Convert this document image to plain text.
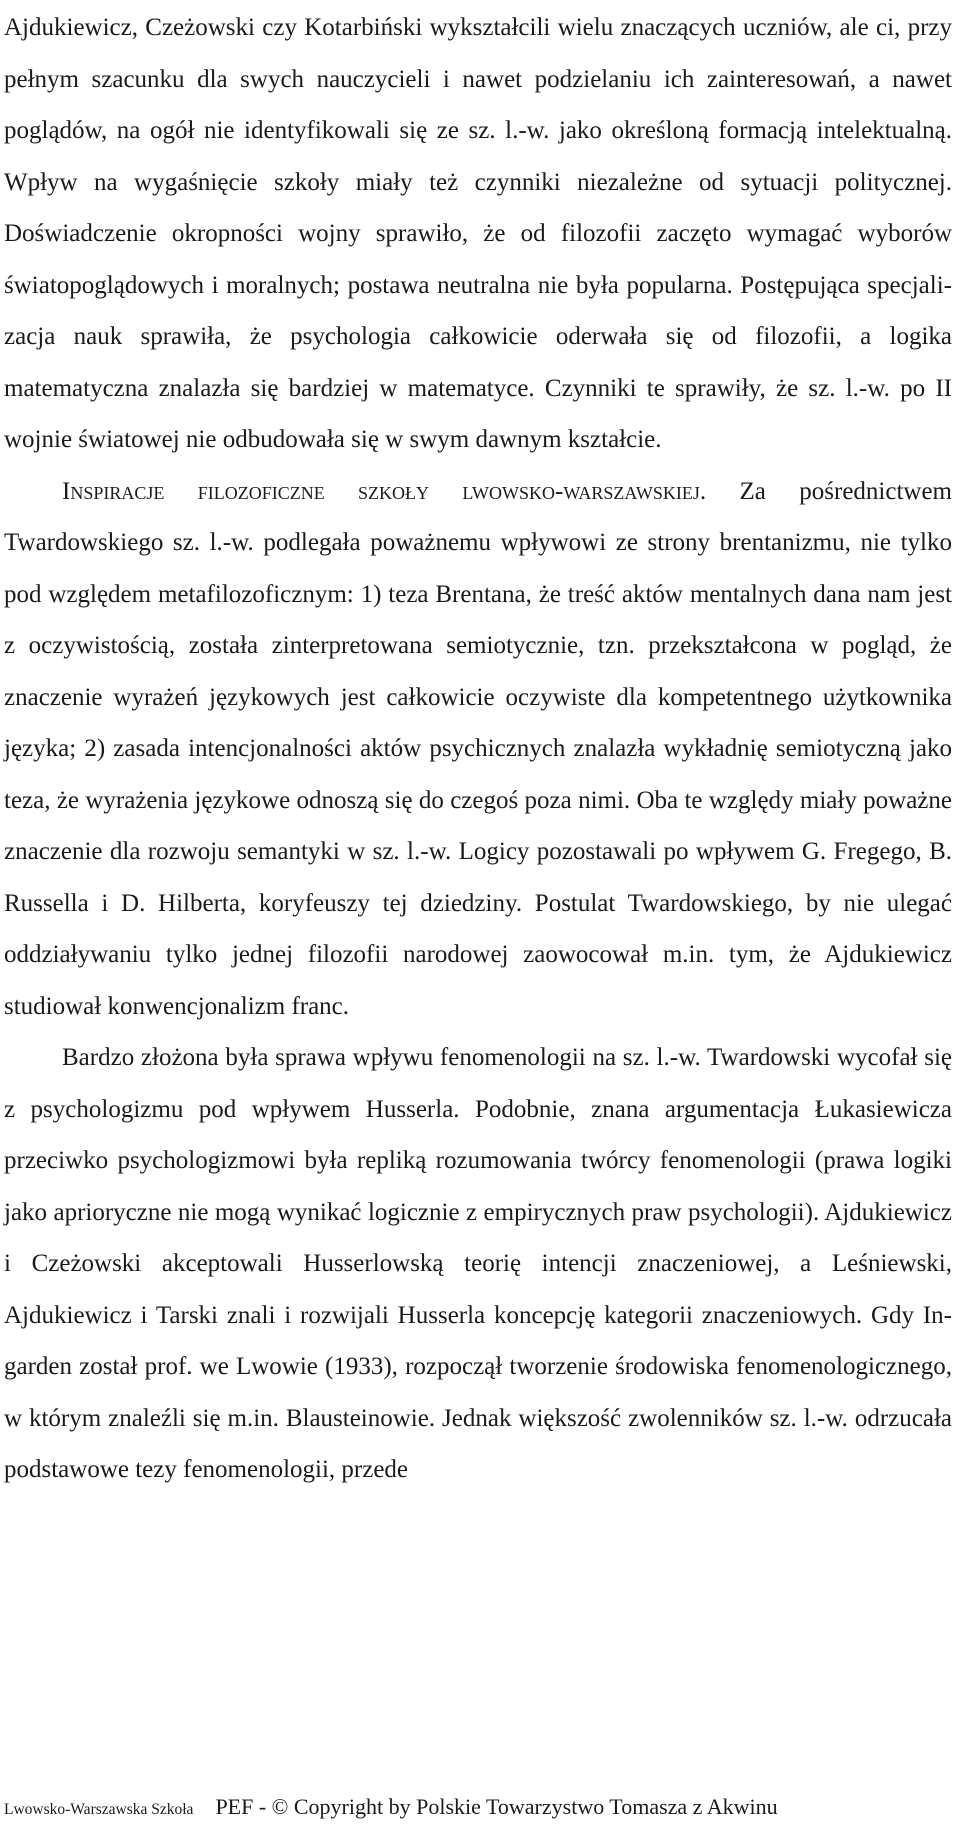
Ajdukiewicz, Czeżowski czy Kotarbiński wykształcili wielu znaczących uczniów, ale ci, przy pełnym szacunku dla swych nauczycieli i nawet podzielaniu ich zainteresowań, a nawet poglądów, na ogół nie identyfikowali się ze sz. l.-w. jako określoną formacją intelektualną. Wpływ na wygaśnięcie szkoły miały też czynniki niezależne od sytuacji politycznej. Doświadczenie okropności wojny sprawiło, że od filozofii zaczęto wymagać wyborów światopoglądowych i moralnych; postawa neutralna nie była popularna. Postępująca specjalizacja nauk sprawiła, że psychologia całkowicie oderwała się od filozofii, a logika matematyczna znalazła się bardziej w matematyce. Czynniki te sprawiły, że sz. l.-w. po II wojnie światowej nie odbudowała się w swym dawnym kształcie.

Inspiracje filozoficzne szkoły lwowsko-warszawskiej. Za pośrednictwem Twardowskiego sz. l.-w. podlegała poważnemu wpływowi ze strony brentanizmu, nie tylko pod względem metafilozoficznym: 1) teza Brentana, że treść aktów mentalnych dana nam jest z oczywistością, została zinterpretowana semiotycznie, tzn. przekształcona w pogląd, że znaczenie wyrażeń językowych jest całkowicie oczywiste dla kompetentnego użytkownika języka; 2) zasada intencjonalności aktów psychicznych znalazła wykładnię semiotyczną jako teza, że wyrażenia językowe odnoszą się do czegoś poza nimi. Oba te względy miały poważne znaczenie dla rozwoju semantyki w sz. l.-w. Logicy pozostawali po wpływem G. Fregego, B. Russella i D. Hilberta, koryfeuszy tej dziedziny. Postulat Twardowskiego, by nie ulegać oddziaływaniu tylko jednej filozofii narodowej zaowocował m.in. tym, że Ajdukiewicz studiował konwencjonalizm franc.

Bardzo złożona była sprawa wpływu fenomenologii na sz. l.-w. Twardowski wycofał się z psychologizmu pod wpływem Husserla. Podobnie, znana argumentacja Łukasiewicza przeciwko psychologizmowi była repliką rozumowania twórcy fenomenologii (prawa logiki jako aprioryczne nie mogą wynikać logicznie z empirycznych praw psychologii). Ajdukiewicz i Czeżowski akceptowali Husserlowską teorię intencji znaczeniowej, a Leśniewski, Ajdukiewicz i Tarski znali i rozwijali Husserla koncepcję kategorii znaczeniowych. Gdy Ingarden został prof. we Lwowie (1933), rozpoczął tworzenie środowiska fenomenologicznego, w którym znaleźli się m.in. Blausteinowie. Jednak większość zwolenników sz. l.-w. odrzucała podstawowe tezy fenomenologii, przede

Lwowsko-Warszawska Szkoła PEF - © Copyright by Polskie Towarzystwo Tomasza z Akwinu
